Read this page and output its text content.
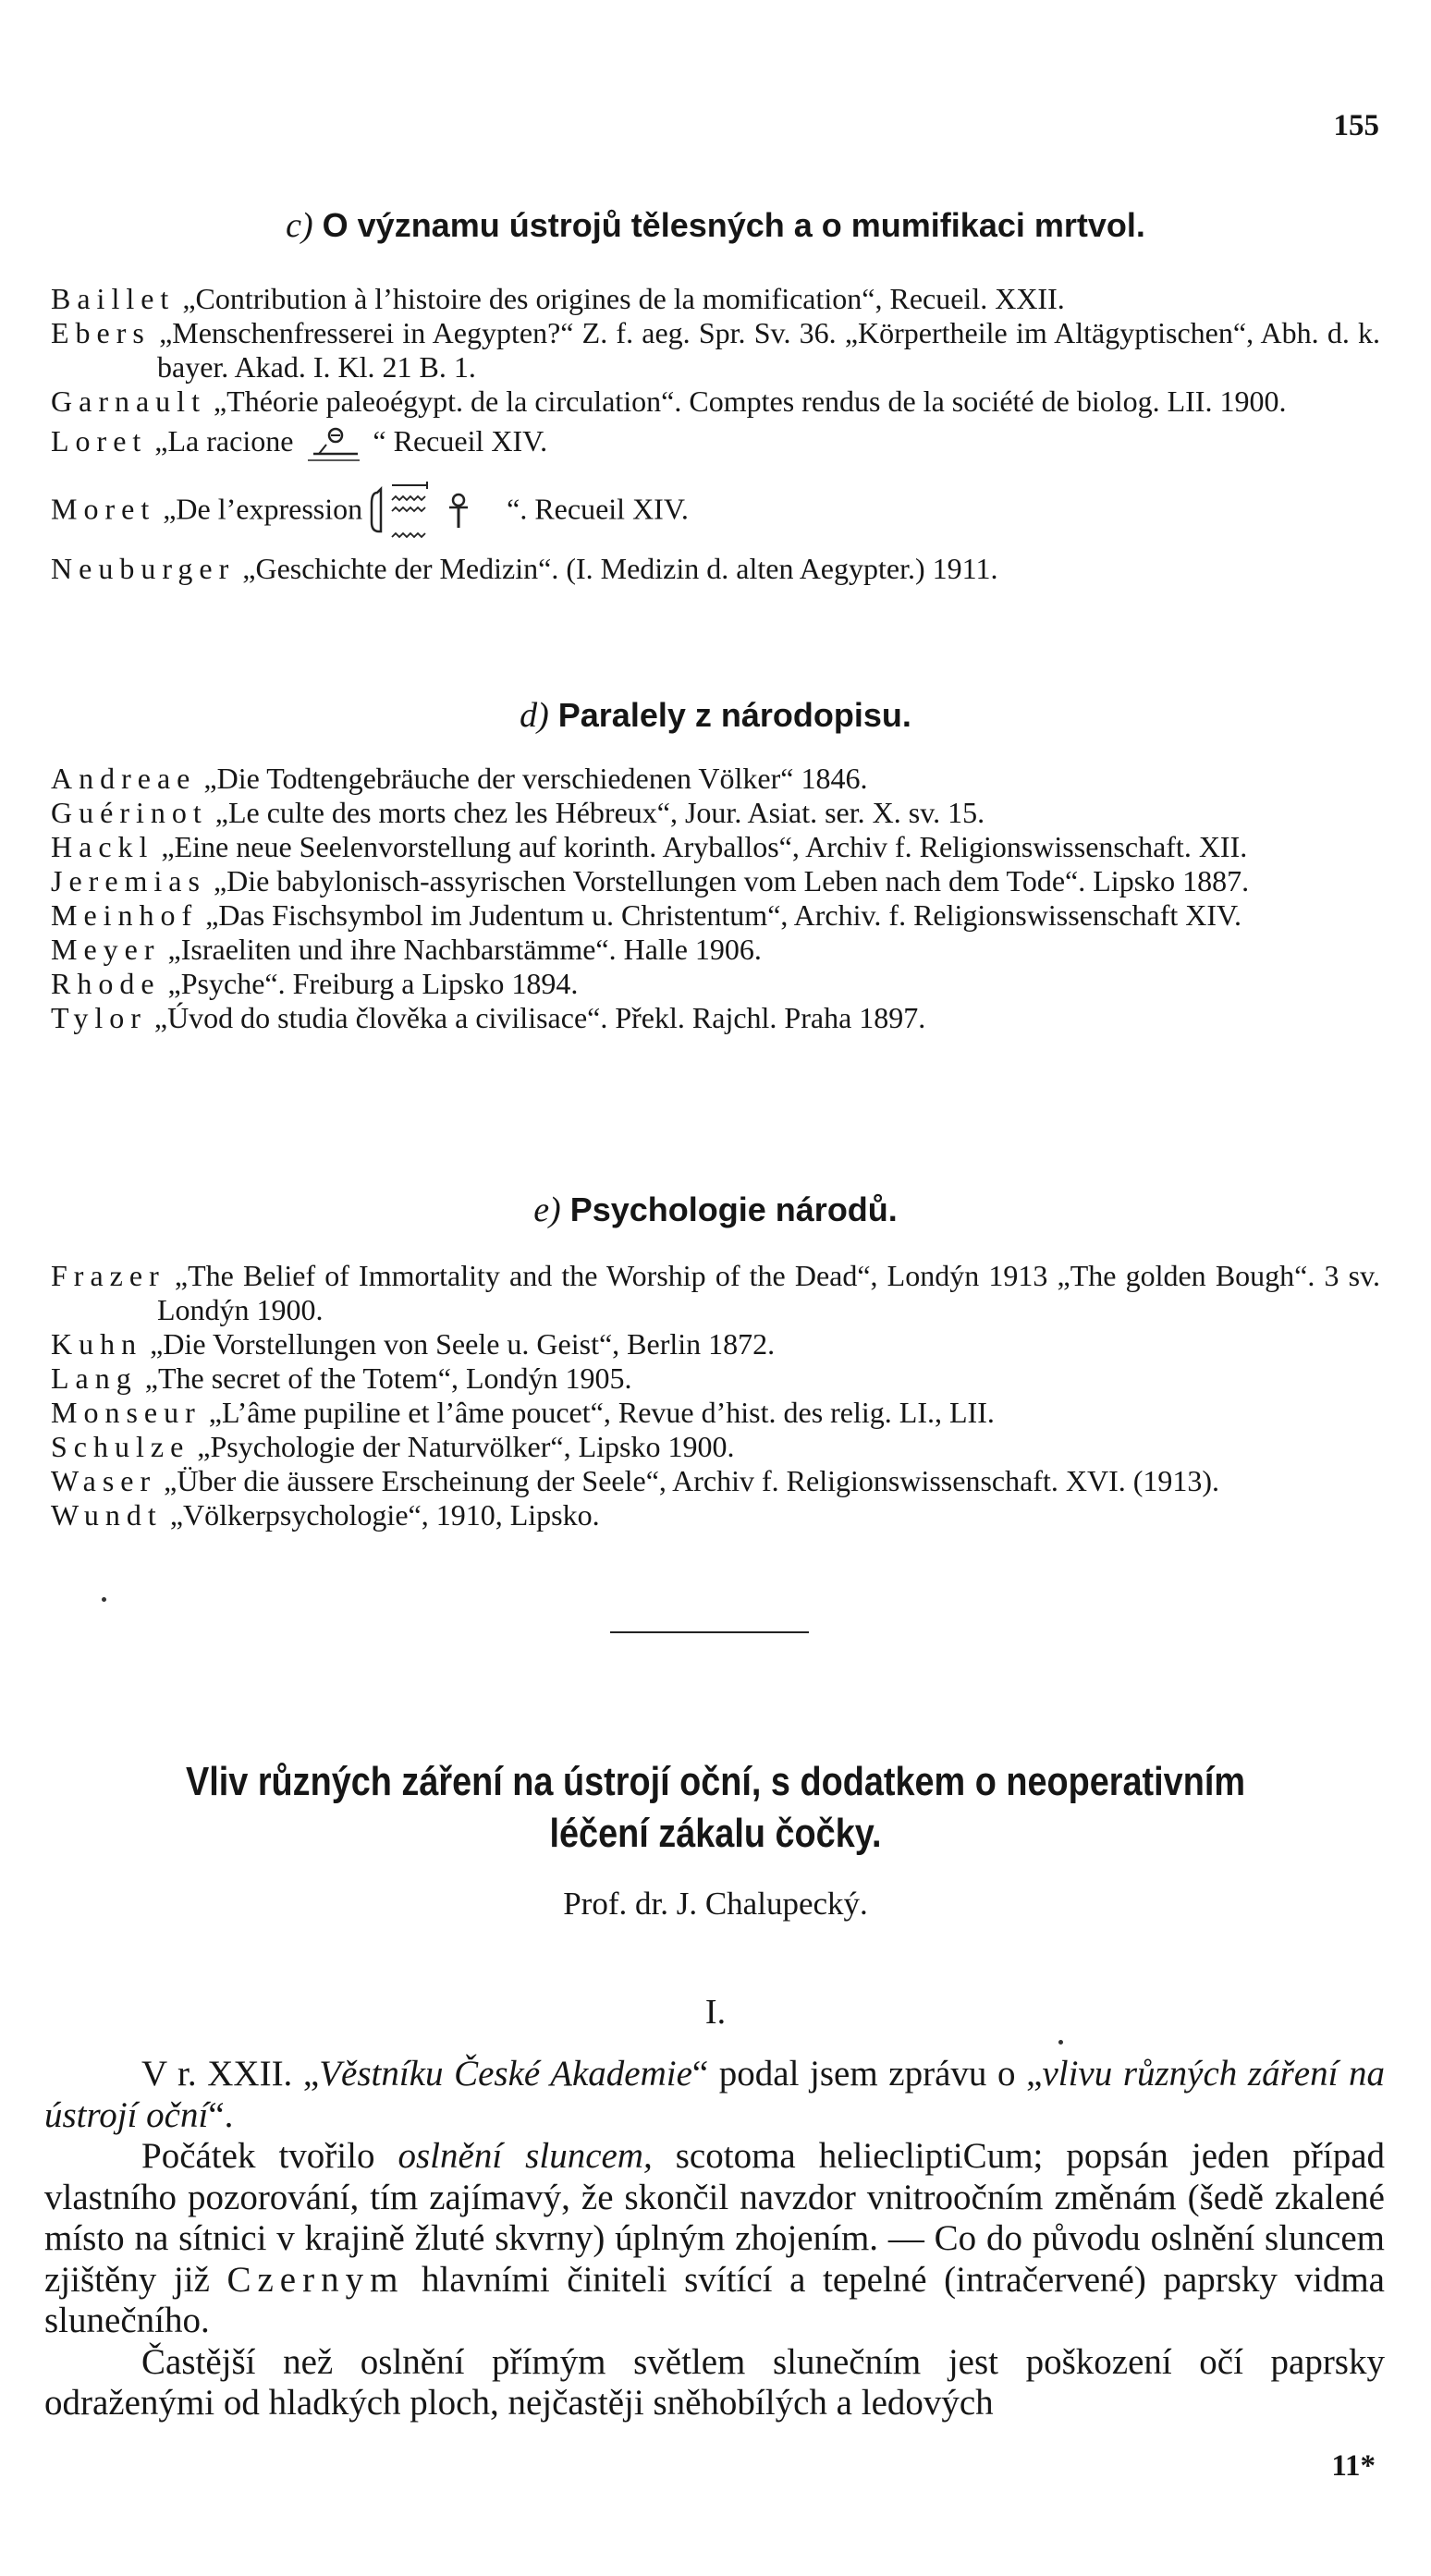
155
c) O významu ústrojů tělesných a o mumifikaci mrtvol.
Baillet „Contribution à l’histoire des origines de la momification“, Recueil. XXII.
Ebers „Menschenfresserei in Aegypten?“ Z. f. aeg. Spr. Sv. 36. „Körpertheile im Altägyptischen“, Abh. d. k. bayer. Akad. I. Kl. 21 B. 1.
Garnault „Théorie paleoégypt. de la circulation“. Comptes rendus de la société de biolog. LII. 1900.
Loret „La racione	“ Recueil XIV.
Moret „De l’expression	“. Recueil XIV.
Neuburger „Geschichte der Medizin“. (I. Medizin d. alten Aegypter.) 1911.
d) Paralely z národopisu.
Andreae „Die Todtengebräuche der verschiedenen Völker“ 1846.
Guérinot „Le culte des morts chez les Hébreux“, Jour. Asiat. ser. X. sv. 15.
Hackl „Eine neue Seelenvorstellung auf korinth. Aryballos“, Archiv f. Religionswissenschaft. XII.
Jeremias „Die babylonisch-assyrischen Vorstellungen vom Leben nach dem Tode“. Lipsko 1887.
Meinhof „Das Fischsymbol im Judentum u. Christentum“, Archiv. f. Religionswissenschaft XIV.
Meyer „Israeliten und ihre Nachbarstämme“. Halle 1906.
Rhode „Psyche“. Freiburg a Lipsko 1894.
Tylor „Úvod do studia člověka a civilisace“. Překl. Rajchl. Praha 1897.
e) Psychologie národů.
Frazer „The Belief of Immortality and the Worship of the Dead“, Londýn 1913 „The golden Bough“. 3 sv. Londýn 1900.
Kuhn „Die Vorstellungen von Seele u. Geist“, Berlin 1872.
Lang „The secret of the Totem“, Londýn 1905.
Monseur „L’âme pupiline et l’âme poucet“, Revue d’hist. des relig. LI., LII.
Schulze „Psychologie der Naturvölker“, Lipsko 1900.
Waser „Über die äussere Erscheinung der Seele“, Archiv f. Religionswissenschaft. XVI. (1913).
Wundt „Völkerpsychologie“, 1910, Lipsko.
Vliv různých záření na ústrojí oční, s dodatkem o neoperativním
léčení zákalu čočky.
Prof. dr. J. Chalupecký.
I.

V r. XXII. „Věstníku České Akademie“ podal jsem zprávu o „vlivu různých záření na ústrojí oční“.

Počátek tvořilo oslnění sluncem, scotoma heliecliptiCum; popsán jeden případ vlastního pozorování, tím zajímavý, že skončil navzdor vnitroočním změnám (šedě zkalené místo na sítnici v krajině žluté skvrny) úplným zhojením. — Co do původu oslnění sluncem zjištěny již Czernym hlavními činiteli svítící a tepelné (intračervené) paprsky vidma slunečního.

Častější než oslnění přímým světlem slunečním jest poškození očí paprsky odraženými od hladkých ploch, nejčastěji sněhobílých a ledových

11*
